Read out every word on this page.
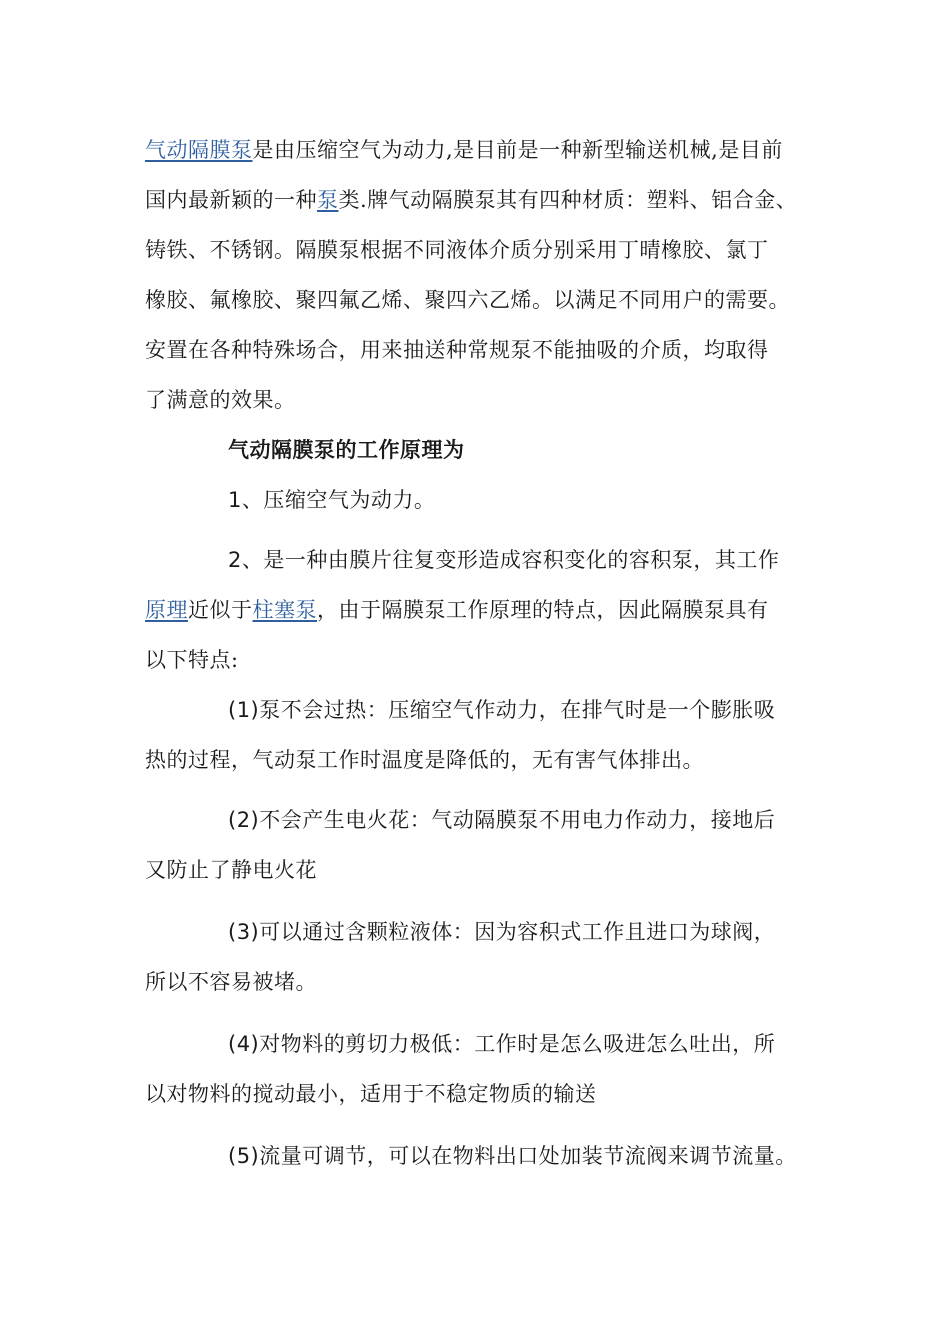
气动隔膜泵是由压缩空气为动力,是目前是一种新型输送机械,是目前
国内最新颖的一种泵类.牌气动隔膜泵其有四种材质：塑料、铝合金、
铸铁、不锈钢。隔膜泵根据不同液体介质分别采用丁晴橡胶、氯丁
橡胶、氟橡胶、聚四氟乙烯、聚四六乙烯。以满足不同用户的需要。
安置在各种特殊场合，用来抽送种常规泵不能抽吸的介质，均取得
了满意的效果。
气动隔膜泵的工作原理为
1、压缩空气为动力。
2、是一种由膜片往复变形造成容积变化的容积泵，其工作
原理近似于柱塞泵，由于隔膜泵工作原理的特点，因此隔膜泵具有
以下特点:
(1)泵不会过热：压缩空气作动力，在排气时是一个膨胀吸
热的过程，气动泵工作时温度是降低的，无有害气体排出。
(2)不会产生电火花：气动隔膜泵不用电力作动力，接地后
又防止了静电火花
(3)可以通过含颗粒液体：因为容积式工作且进口为球阀，
所以不容易被堵。
(4)对物料的剪切力极低：工作时是怎么吸进怎么吐出，所
以对物料的搅动最小，适用于不稳定物质的输送
(5)流量可调节，可以在物料出口处加装节流阀来调节流量。
